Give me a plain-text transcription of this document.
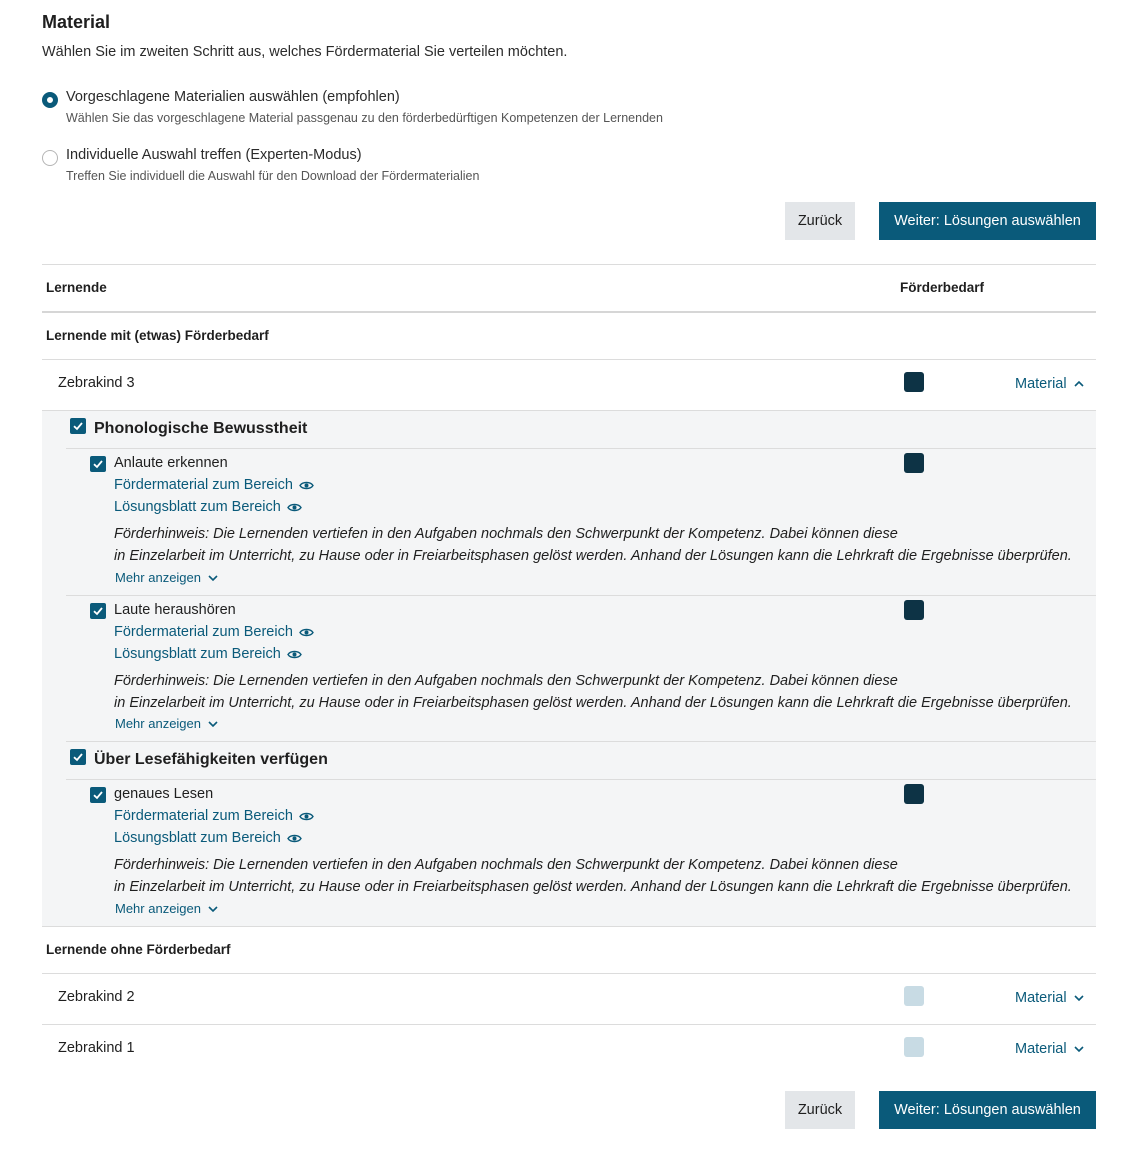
Material
Wählen Sie im zweiten Schritt aus, welches Fördermaterial Sie verteilen möchten.
Vorgeschlagene Materialien auswählen (empfohlen)
Wählen Sie das vorgeschlagene Material passgenau zu den förderbedürftigen Kompetenzen der Lernenden
Individuelle Auswahl treffen (Experten-Modus)
Treffen Sie individuell die Auswahl für den Download der Fördermaterialien
Zurück	Weiter: Lösungen auswählen
Lernende	Förderbedarf
Lernende mit (etwas) Förderbedarf
Zebrakind 3	Material
Phonologische Bewusstheit
Anlaute erkennen
Fördermaterial zum Bereich
Lösungsblatt zum Bereich
Förderhinweis: Die Lernenden vertiefen in den Aufgaben nochmals den Schwerpunkt der Kompetenz. Dabei können diese
in Einzelarbeit im Unterricht, zu Hause oder in Freiarbeitsphasen gelöst werden. Anhand der Lösungen kann die Lehrkraft die Ergebnisse überprüfen.
Mehr anzeigen
Laute heraushören
Fördermaterial zum Bereich
Lösungsblatt zum Bereich
Förderhinweis: Die Lernenden vertiefen in den Aufgaben nochmals den Schwerpunkt der Kompetenz. Dabei können diese
in Einzelarbeit im Unterricht, zu Hause oder in Freiarbeitsphasen gelöst werden. Anhand der Lösungen kann die Lehrkraft die Ergebnisse überprüfen.
Mehr anzeigen
Über Lesefähigkeiten verfügen
genaues Lesen
Fördermaterial zum Bereich
Lösungsblatt zum Bereich
Förderhinweis: Die Lernenden vertiefen in den Aufgaben nochmals den Schwerpunkt der Kompetenz. Dabei können diese
in Einzelarbeit im Unterricht, zu Hause oder in Freiarbeitsphasen gelöst werden. Anhand der Lösungen kann die Lehrkraft die Ergebnisse überprüfen.
Mehr anzeigen
Lernende ohne Förderbedarf
Zebrakind 2	Material
Zebrakind 1	Material
Zurück	Weiter: Lösungen auswählen
